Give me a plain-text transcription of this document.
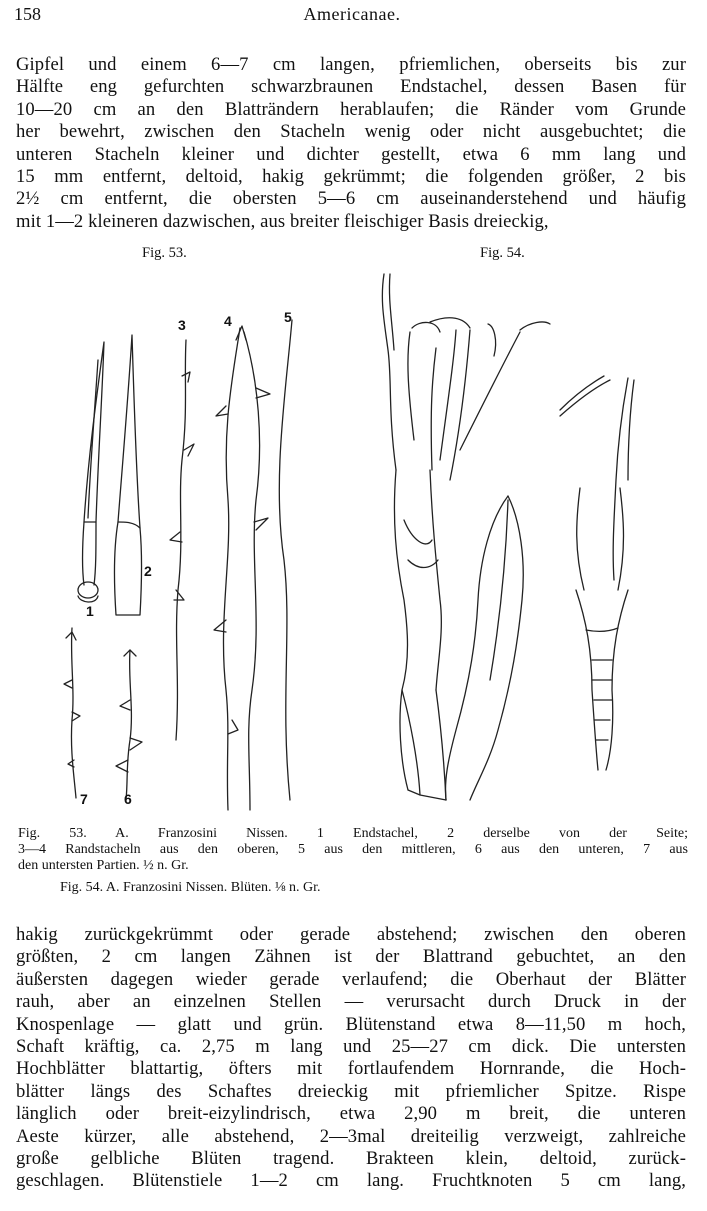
158	Americanae.
Gipfel und einem 6—7 cm langen, pfriemlichen, oberseits bis zur
Hälfte eng gefurchten schwarzbraunen Endstachel, dessen Basen für
10—20 cm an den Blatträndern herablaufen; die Ränder vom Grunde
her bewehrt, zwischen den Stacheln wenig oder nicht ausgebuchtet; die
unteren Stacheln kleiner und dichter gestellt, etwa 6 mm lang und
15 mm entfernt, deltoid, hakig gekrümmt; die folgenden größer, 2 bis
2½ cm entfernt, die obersten 5—6 cm auseinanderstehend und häufig
mit 1—2 kleineren dazwischen, aus breiter fleischiger Basis dreieckig,
Fig. 53.	Fig. 54.
1
2
3	4	5
6
7
Fig. 53. A. Franzosini Nissen. 1 Endstachel, 2 derselbe von der Seite;
3—4 Randstacheln aus den oberen, 5 aus den mittleren, 6 aus den unteren, 7 aus
den untersten Partien. ½ n. Gr.
Fig. 54. A. Franzosini Nissen. Blüten. ⅛ n. Gr.
hakig zurückgekrümmt oder gerade abstehend; zwischen den oberen
größten, 2 cm langen Zähnen ist der Blattrand gebuchtet, an den
äußersten dagegen wieder gerade verlaufend; die Oberhaut der Blätter
rauh, aber an einzelnen Stellen — verursacht durch Druck in der
Knospenlage — glatt und grün. Blütenstand etwa 8—11,50 m hoch,
Schaft kräftig, ca. 2,75 m lang und 25—27 cm dick. Die untersten
Hochblätter blattartig, öfters mit fortlaufendem Hornrande, die Hoch-
blätter längs des Schaftes dreieckig mit pfriemlicher Spitze. Rispe
länglich oder breit-eizylindrisch, etwa 2,90 m breit, die unteren
Aeste kürzer, alle abstehend, 2—3mal dreiteilig verzweigt, zahlreiche
große gelbliche Blüten tragend. Brakteen klein, deltoid, zurück-
geschlagen. Blütenstiele 1—2 cm lang. Fruchtknoten 5 cm lang,
